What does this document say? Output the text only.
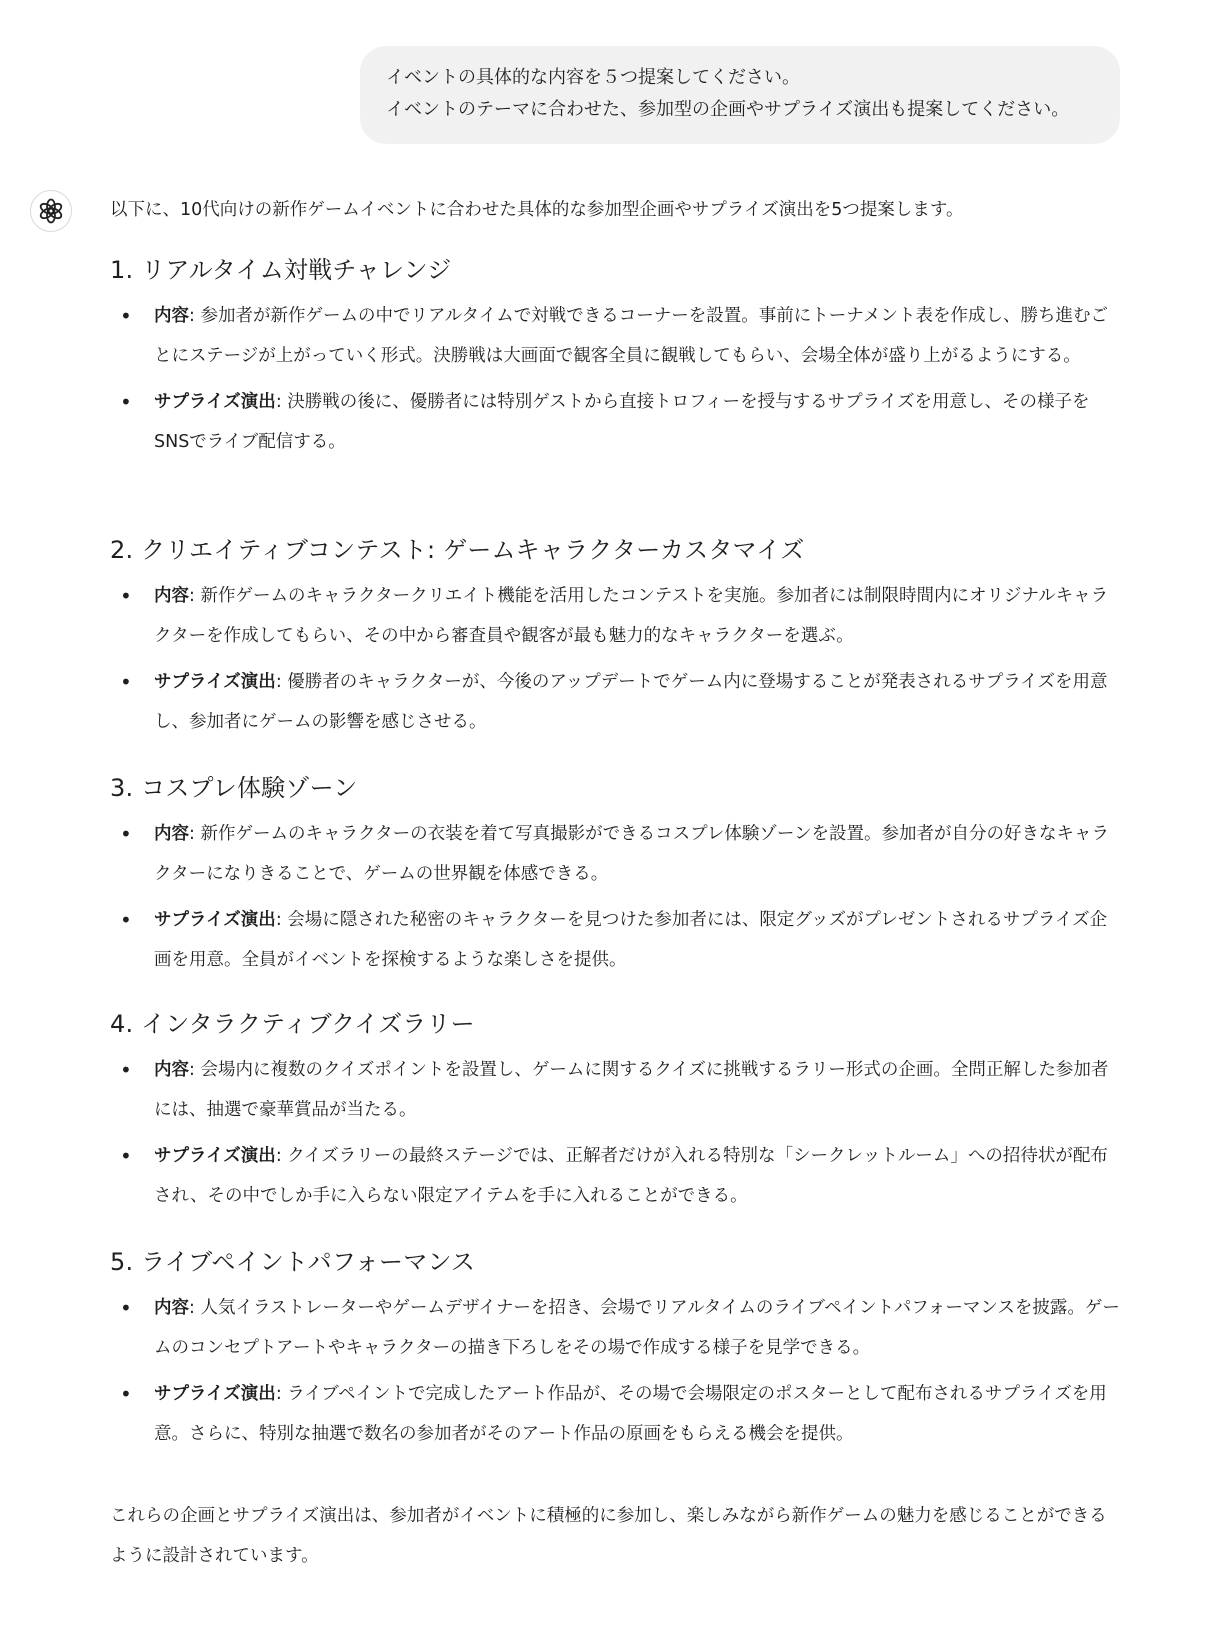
イベントの具体的な内容を５つ提案してください。

イベントのテーマに合わせた、参加型の企画やサプライズ演出も提案してください。

以下に、10代向けの新作ゲームイベントに合わせた具体的な参加型企画やサプライズ演出を5つ提案します。

1. リアルタイム対戦チャレンジ
• 内容: 参加者が新作ゲームの中でリアルタイムで対戦できるコーナーを設置。事前にトーナメント表を作成し、勝ち進むごとにステージが上がっていく形式。決勝戦は大画面で観客全員に観戦してもらい、会場全体が盛り上がるようにする。
• サプライズ演出: 決勝戦の後に、優勝者には特別ゲストから直接トロフィーを授与するサプライズを用意し、その様子をSNSでライブ配信する。
2. クリエイティブコンテスト: ゲームキャラクターカスタマイズ
• 内容: 新作ゲームのキャラクタークリエイト機能を活用したコンテストを実施。参加者には制限時間内にオリジナルキャラクターを作成してもらい、その中から審査員や観客が最も魅力的なキャラクターを選ぶ。
• サプライズ演出: 優勝者のキャラクターが、今後のアップデートでゲーム内に登場することが発表されるサプライズを用意し、参加者にゲームの影響を感じさせる。
3. コスプレ体験ゾーン
• 内容: 新作ゲームのキャラクターの衣装を着て写真撮影ができるコスプレ体験ゾーンを設置。参加者が自分の好きなキャラクターになりきることで、ゲームの世界観を体感できる。
• サプライズ演出: 会場に隠された秘密のキャラクターを見つけた参加者には、限定グッズがプレゼントされるサプライズ企画を用意。全員がイベントを探検するような楽しさを提供。
4. インタラクティブクイズラリー
• 内容: 会場内に複数のクイズポイントを設置し、ゲームに関するクイズに挑戦するラリー形式の企画。全問正解した参加者には、抽選で豪華賞品が当たる。
• サプライズ演出: クイズラリーの最終ステージでは、正解者だけが入れる特別な「シークレットルーム」への招待状が配布され、その中でしか手に入らない限定アイテムを手に入れることができる。
5. ライブペイントパフォーマンス
• 内容: 人気イラストレーターやゲームデザイナーを招き、会場でリアルタイムのライブペイントパフォーマンスを披露。ゲームのコンセプトアートやキャラクターの描き下ろしをその場で作成する様子を見学できる。
• サプライズ演出: ライブペイントで完成したアート作品が、その場で会場限定のポスターとして配布されるサプライズを用意。さらに、特別な抽選で数名の参加者がそのアート作品の原画をもらえる機会を提供。

これらの企画とサプライズ演出は、参加者がイベントに積極的に参加し、楽しみながら新作ゲームの魅力を感じることができるように設計されています。
